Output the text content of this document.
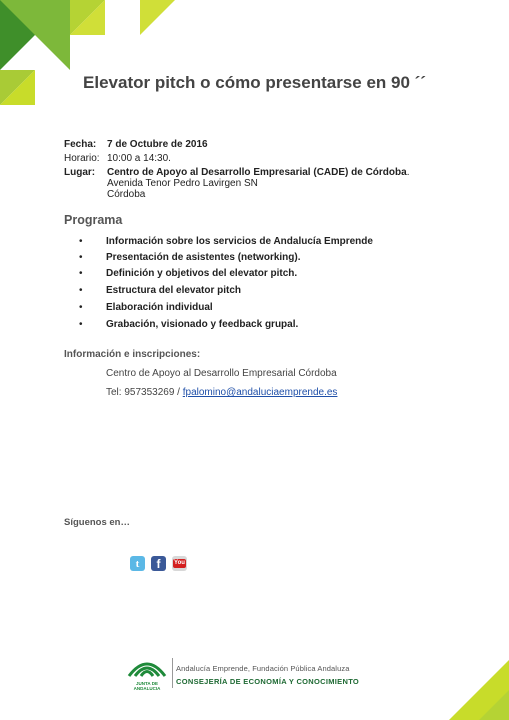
Elevator pitch o cómo presentarse en 90 ´´
Fecha: 7 de Octubre de 2016
Horario: 10:00 a 14:30.
Lugar: Centro de Apoyo al Desarrollo Empresarial (CADE) de Córdoba.
Avenida Tenor Pedro Lavirgen SN
Córdoba
Programa
• Información sobre los servicios de Andalucía Emprende
• Presentación de asistentes (networking).
• Definición y objetivos del elevator pitch.
• Estructura del elevator pitch
• Elaboración individual
• Grabación, visionado y feedback grupal.
Información e inscripciones:
Centro de Apoyo al Desarrollo Empresarial Córdoba
Tel: 957353269 / fpalomino@andaluciaemprende.es
Síguenos en…
t f You
JUNTA DE ANDALUCIA
Andalucía Emprende, Fundación Pública Andaluza
CONSEJERÍA DE ECONOMÍA Y CONOCIMIENTO
